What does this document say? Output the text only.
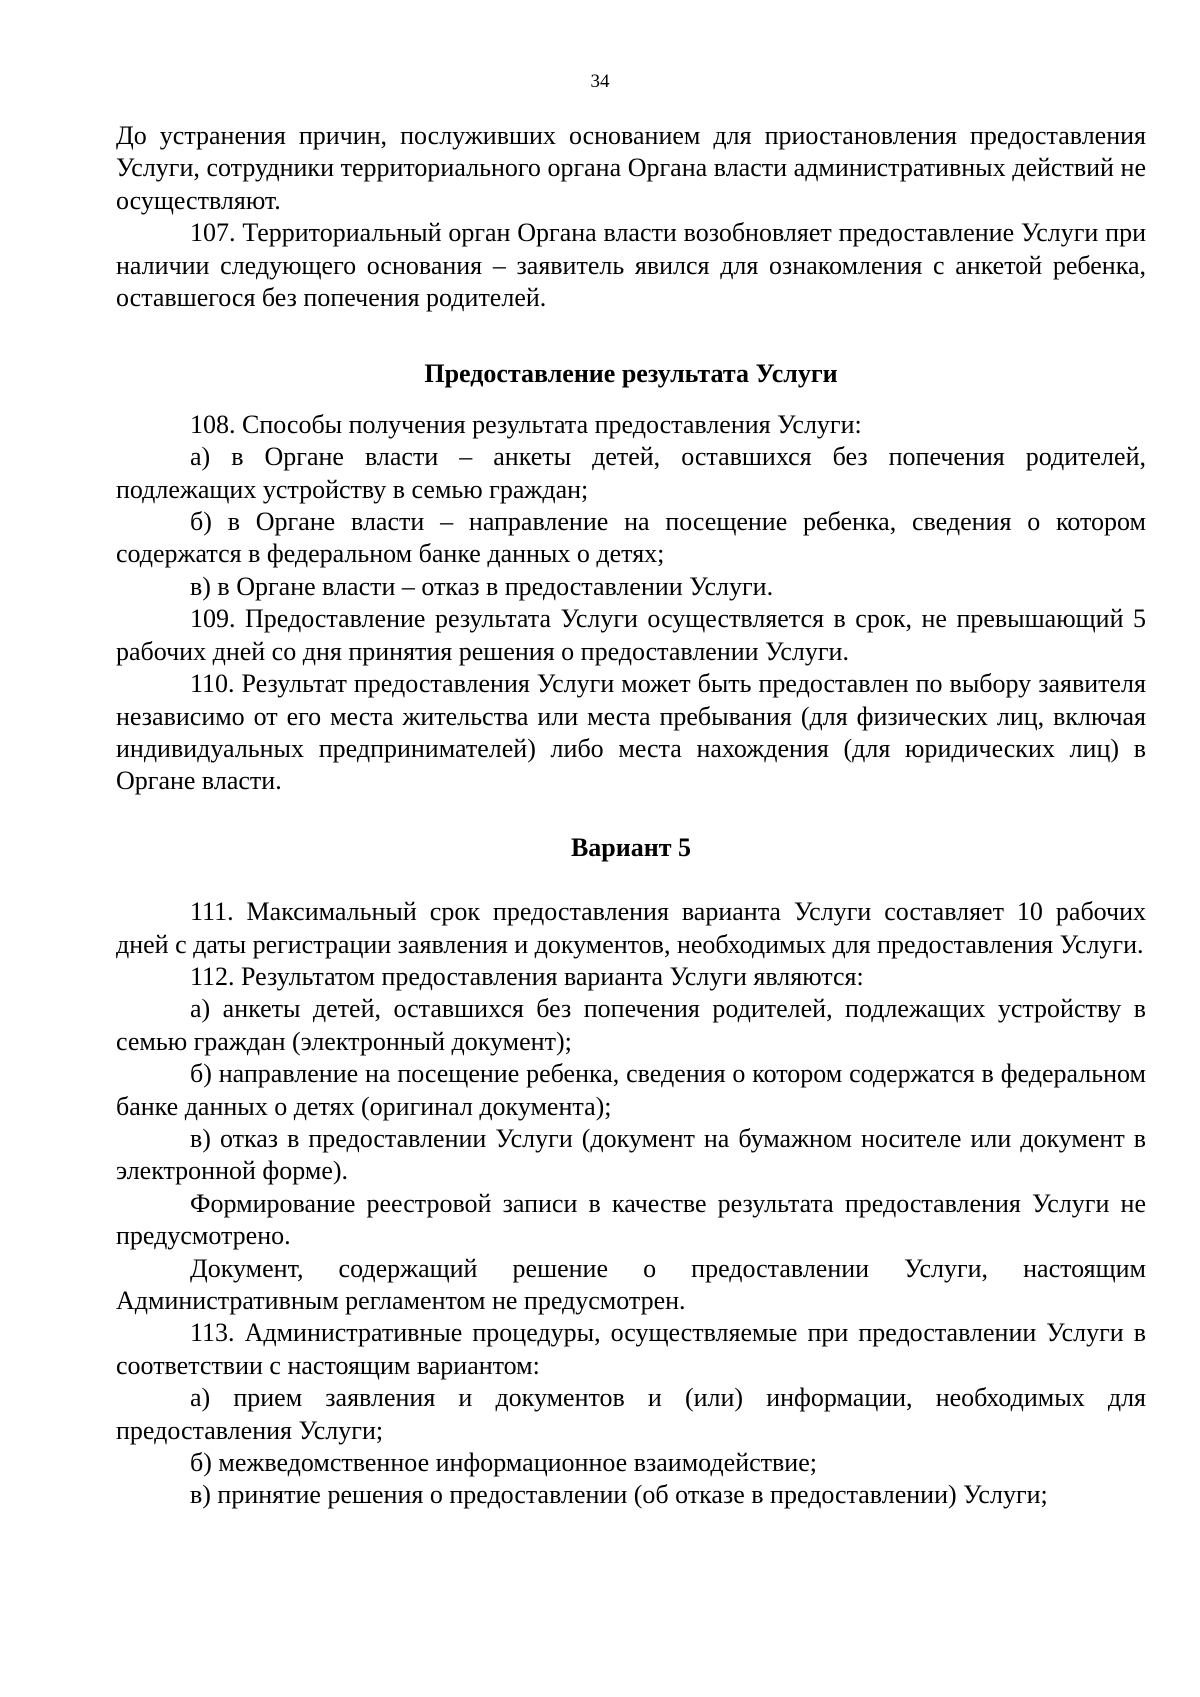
34

До устранения причин, послуживших основанием для приостановления предоставления Услуги, сотрудники территориального органа Органа власти административных действий не осуществляют.

107. Территориальный орган Органа власти возобновляет предоставление Услуги при наличии следующего основания – заявитель явился для ознакомления с анкетой ребенка, оставшегося без попечения родителей.

Предоставление результата Услуги

108. Способы получения результата предоставления Услуги:

а) в Органе власти – анкеты детей, оставшихся без попечения родителей, подлежащих устройству в семью граждан;

б) в Органе власти – направление на посещение ребенка, сведения о котором содержатся в федеральном банке данных о детях;

в) в Органе власти – отказ в предоставлении Услуги.

109. Предоставление результата Услуги осуществляется в срок, не превышающий 5 рабочих дней со дня принятия решения о предоставлении Услуги.

110. Результат предоставления Услуги может быть предоставлен по выбору заявителя независимо от его места жительства или места пребывания (для физических лиц, включая индивидуальных предпринимателей) либо места нахождения (для юридических лиц) в Органе власти.

Вариант 5

111. Максимальный срок предоставления варианта Услуги составляет 10 рабочих дней с даты регистрации заявления и документов, необходимых для предоставления Услуги.

112. Результатом предоставления варианта Услуги являются:

а) анкеты детей, оставшихся без попечения родителей, подлежащих устройству в семью граждан (электронный документ);

б) направление на посещение ребенка, сведения о котором содержатся в федеральном банке данных о детях (оригинал документа);

в) отказ в предоставлении Услуги (документ на бумажном носителе или документ в электронной форме).

Формирование реестровой записи в качестве результата предоставления Услуги не предусмотрено.

Документ, содержащий решение о предоставлении Услуги, настоящим Административным регламентом не предусмотрен.

113. Административные процедуры, осуществляемые при предоставлении Услуги в соответствии с настоящим вариантом:

а) прием заявления и документов и (или) информации, необходимых для предоставления Услуги;

б) межведомственное информационное взаимодействие;

в) принятие решения о предоставлении (об отказе в предоставлении) Услуги;
